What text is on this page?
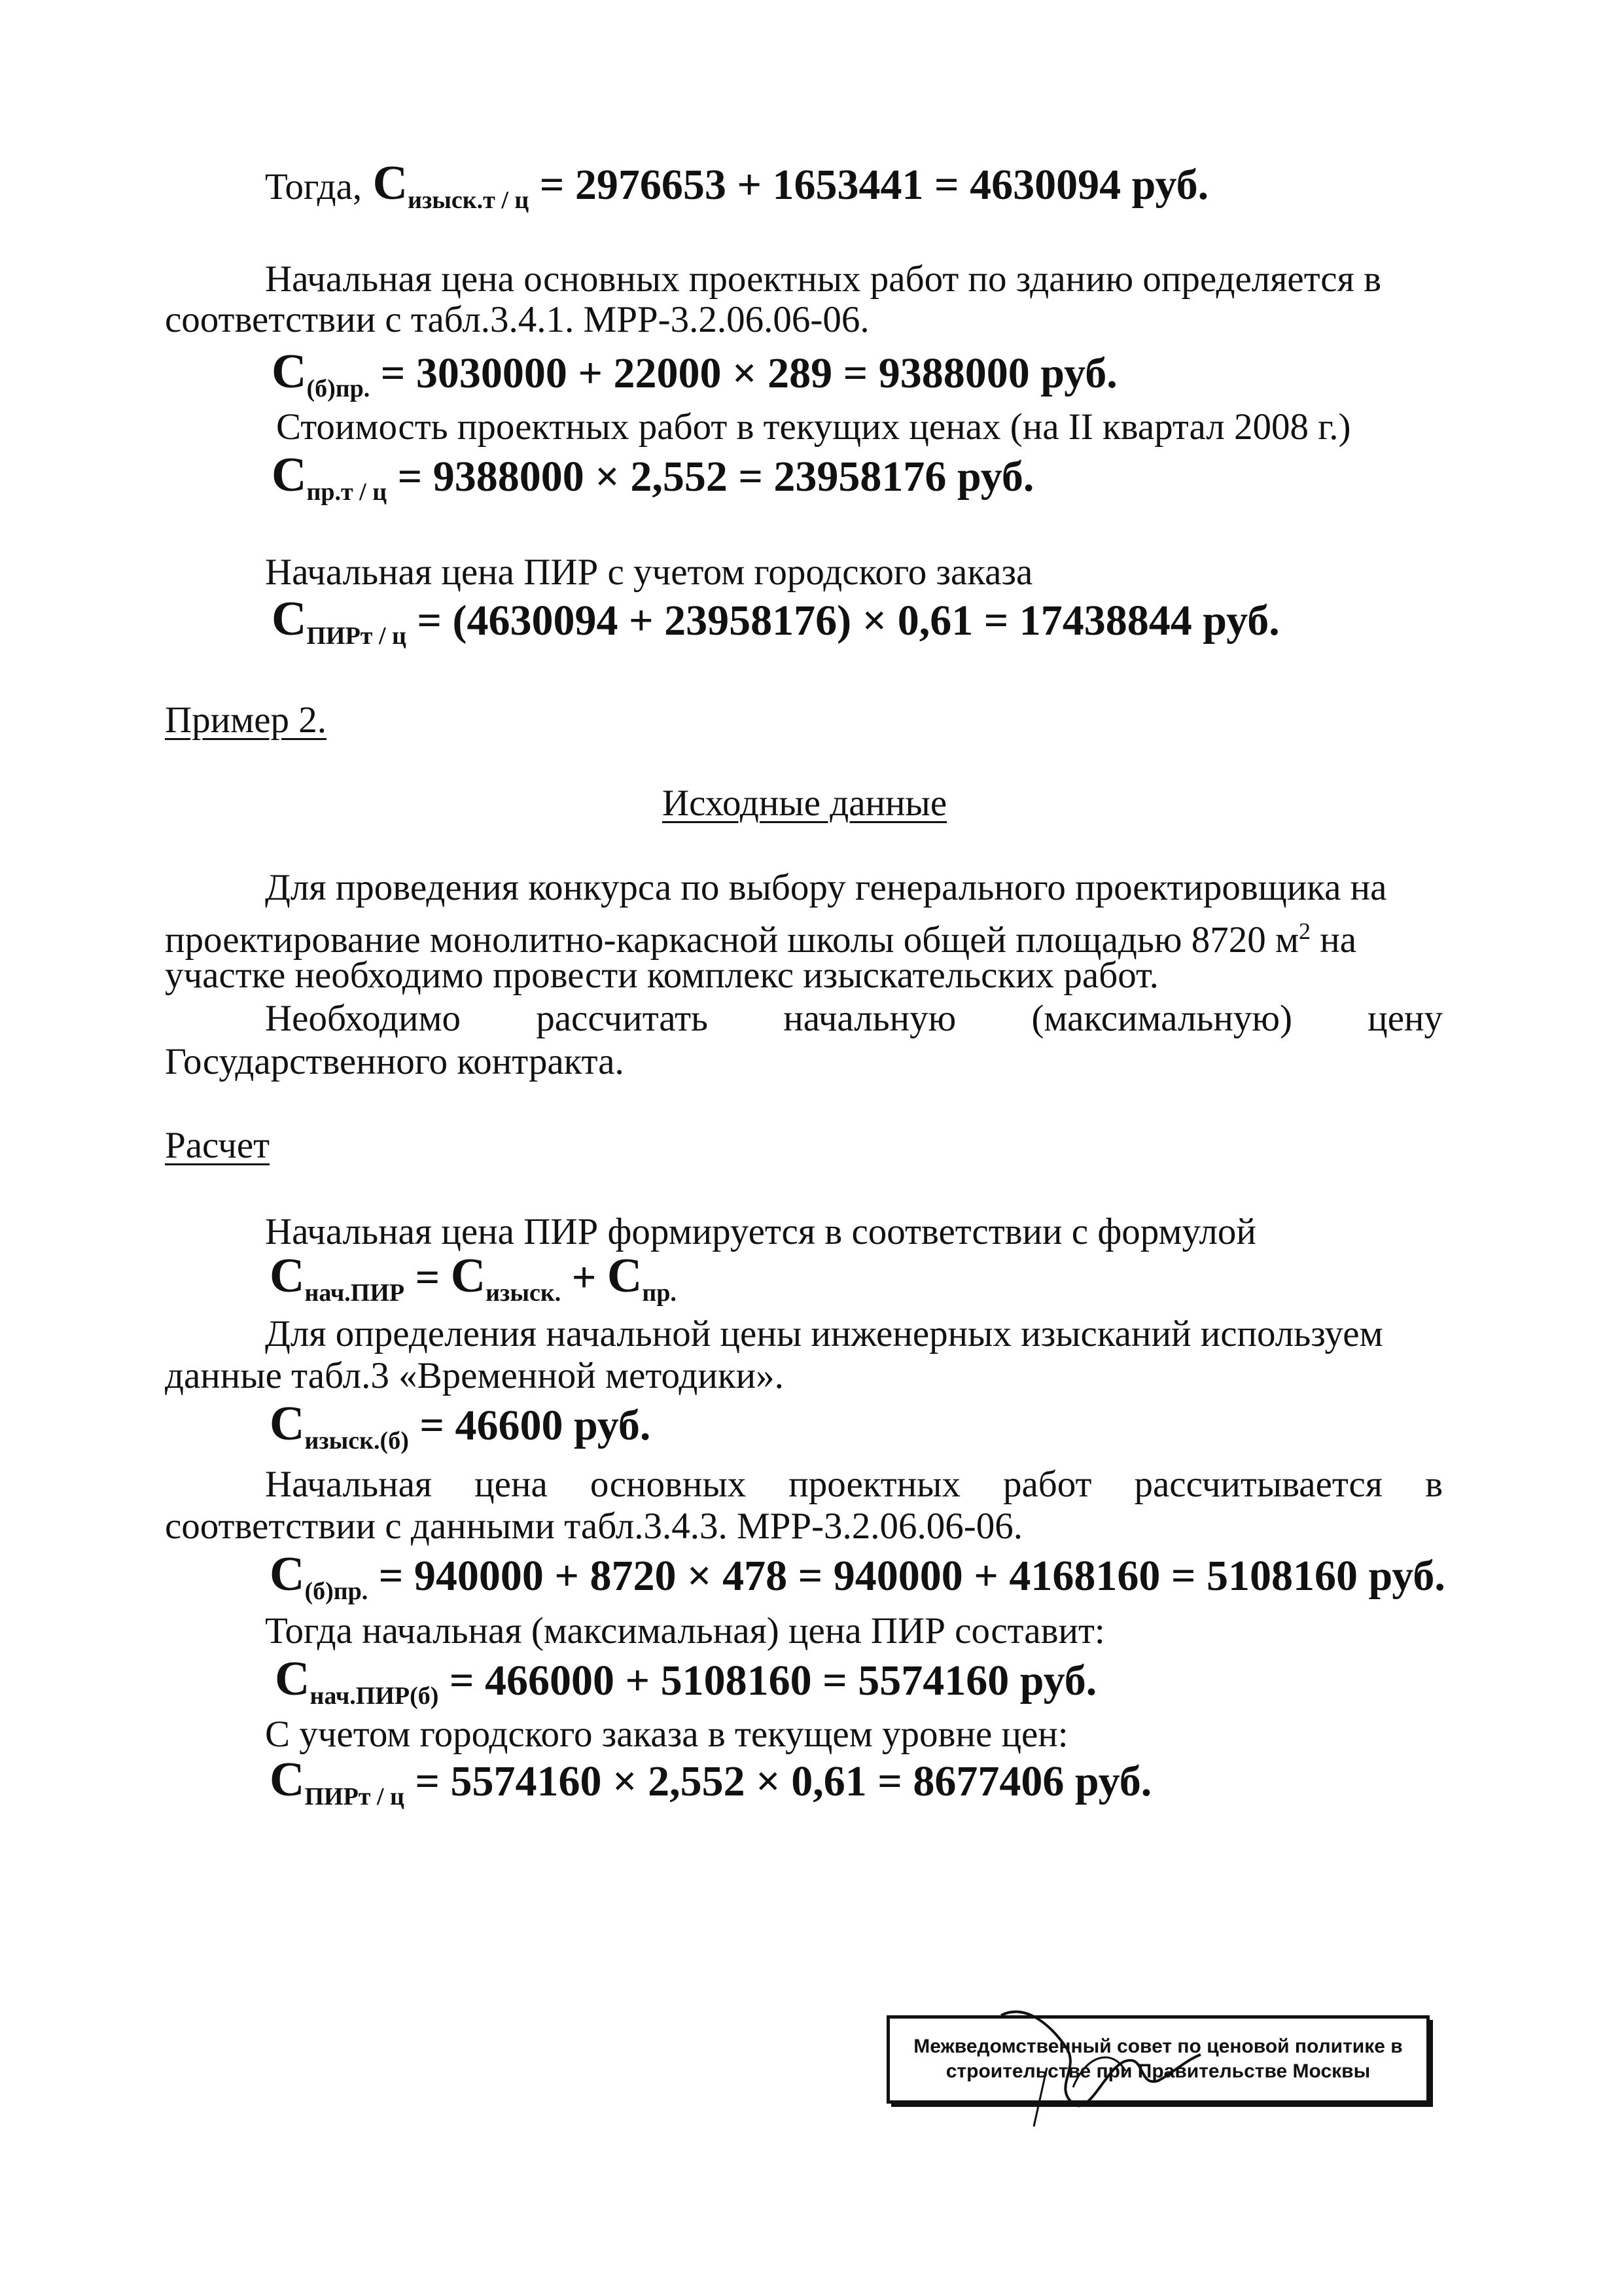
Тогда, $С_{изыск.т / ц} = 2976653 + 1653441 = 4630094$ руб.
Начальная цена основных проектных работ по зданию определяется в
соответствии с табл.3.4.1. МРР-3.2.06.06-06.
$С_{(б)пр.} = 3030000 + 22000 \times 289 = 9388000$ руб.
Стоимость проектных работ в текущих ценах (на II квартал 2008 г.)
$С_{пр.т / ц} = 9388000 \times 2,552 = 23958176$ руб.
Начальная цена ПИР с учетом городского заказа
$С_{ПИРт / ц} = (4630094 + 23958176) \times 0,61 = 17438844$ руб.
Пример 2.
Исходные данные
Для проведения конкурса по выбору генерального проектировщика на
проектирование монолитно-каркасной школы общей площадью 8720 $м^2$ на
участке необходимо провести комплекс изыскательских работ.
Необходимо рассчитать начальную (максимальную) цену
Государственного контракта.
Расчет
Начальная цена ПИР формируется в соответствии с формулой
$С_{нач.ПИР} = С_{изыск.} + С_{пр.}$
Для определения начальной цены инженерных изысканий используем
данные табл.3 «Временной методики».
$С_{изыск.(б)} = 46600$ руб.
Начальная цена основных проектных работ рассчитывается в
соответствии с данными табл.3.4.3. МРР-3.2.06.06-06.
$С_{(б)пр.} = 940000 + 8720 \times 478 = 940000 + 4168160 = 5108160$ руб.
Тогда начальная (максимальная) цена ПИР составит:
$С_{нач.ПИР(б)} = 466000 + 5108160 = 5574160$ руб.
С учетом городского заказа в текущем уровне цен:
$С_{ПИРт / ц} = 5574160 \times 2,552 \times 0,61 = 8677406$ руб.
Межведомственный совет по ценовой политике в
строительстве при Правительстве Москвы
